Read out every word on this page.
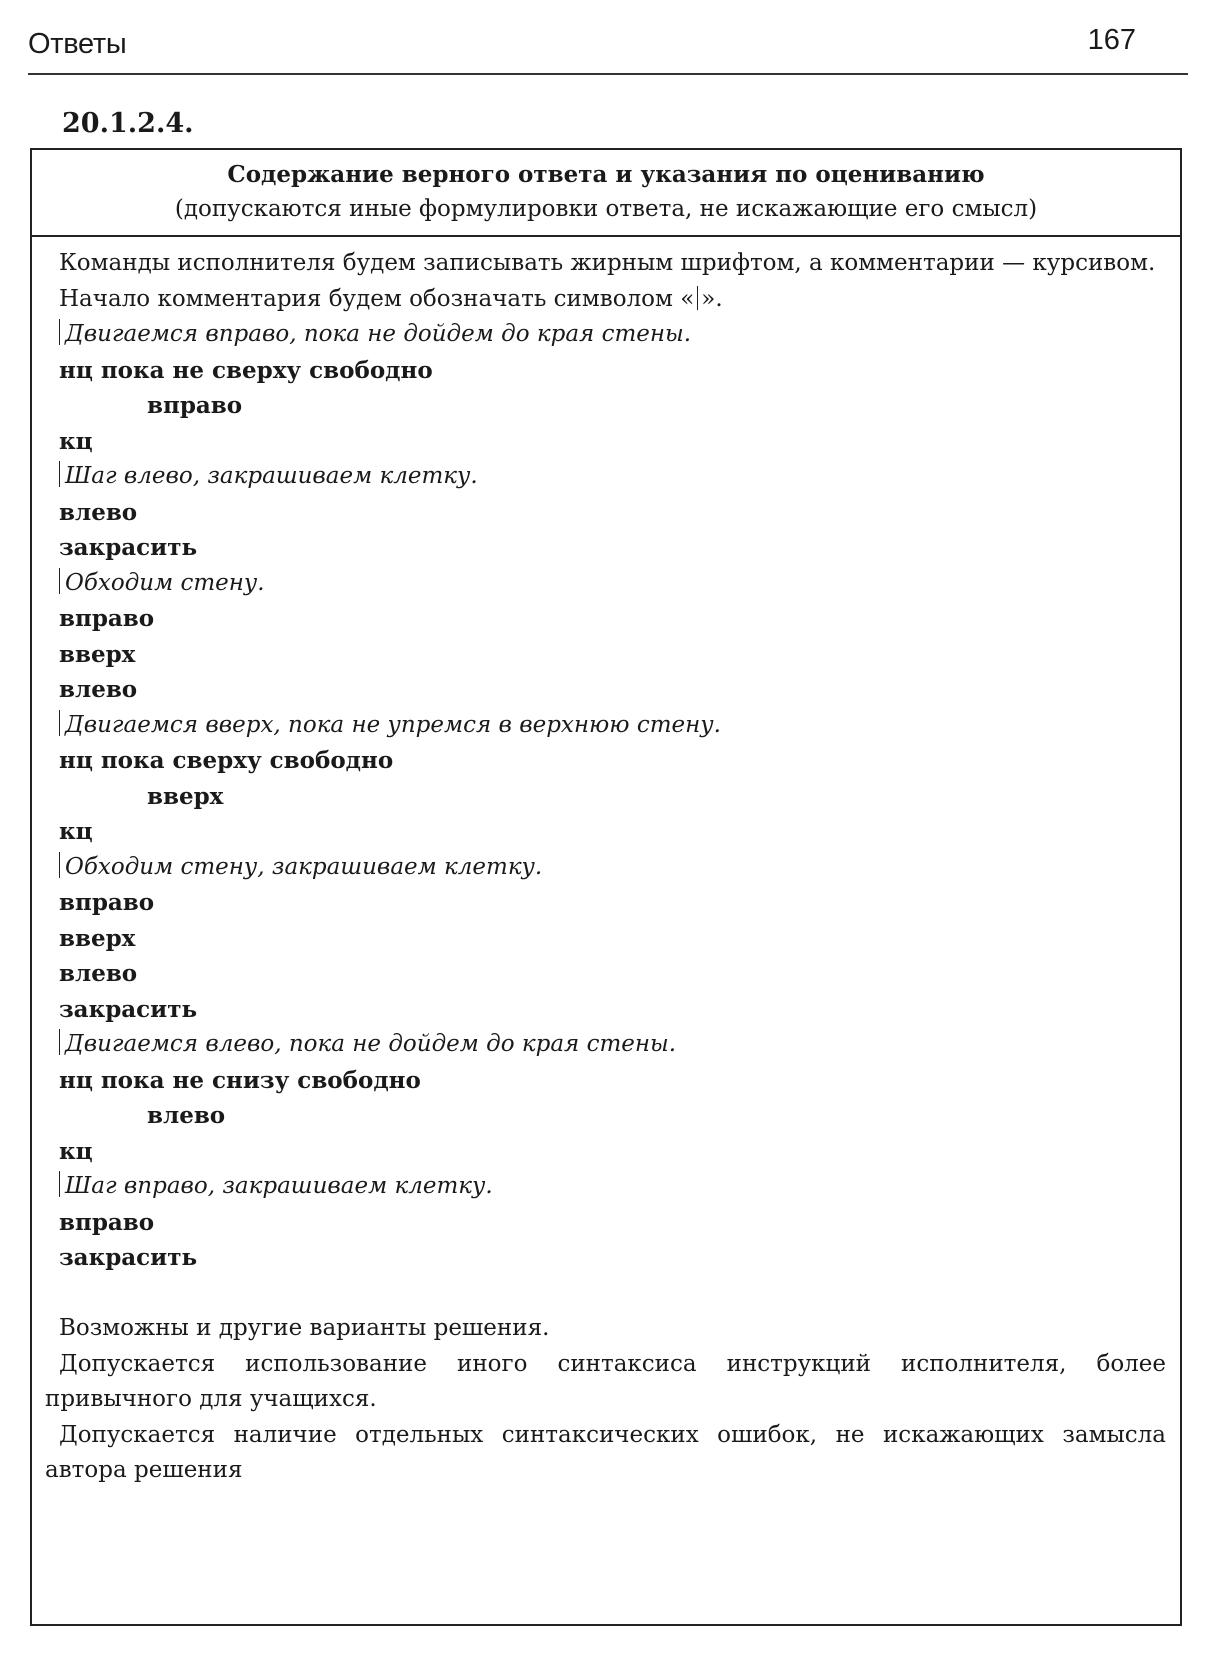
Ответы	167
20.1.2.4.
Содержание верного ответа и указания по оцениванию
(допускаются иные формулировки ответа, не искажающие его смысл)
Команды исполнителя будем записывать жирным шрифтом, а комментарии — курсивом.
Начало комментария будем обозначать символом « ».
Двигаемся вправо, пока не дойдем до края стены.
нц пока не сверху свободно
вправо
кц
Шаг влево, закрашиваем клетку.
влево
закрасить
Обходим стену.
вправо
вверх
влево
Двигаемся вверх, пока не упремся в верхнюю стену.
нц пока сверху свободно
вверх
кц
Обходим стену, закрашиваем клетку.
вправо
вверх
влево
закрасить
Двигаемся влево, пока не дойдем до края стены.
нц пока не снизу свободно
влево
кц
Шаг вправо, закрашиваем клетку.
вправо
закрасить
Возможны и другие варианты решения.
Допускается использование иного синтаксиса инструкций исполнителя, более привычного для учащихся.
Допускается наличие отдельных синтаксических ошибок, не искажающих замысла автора решения
